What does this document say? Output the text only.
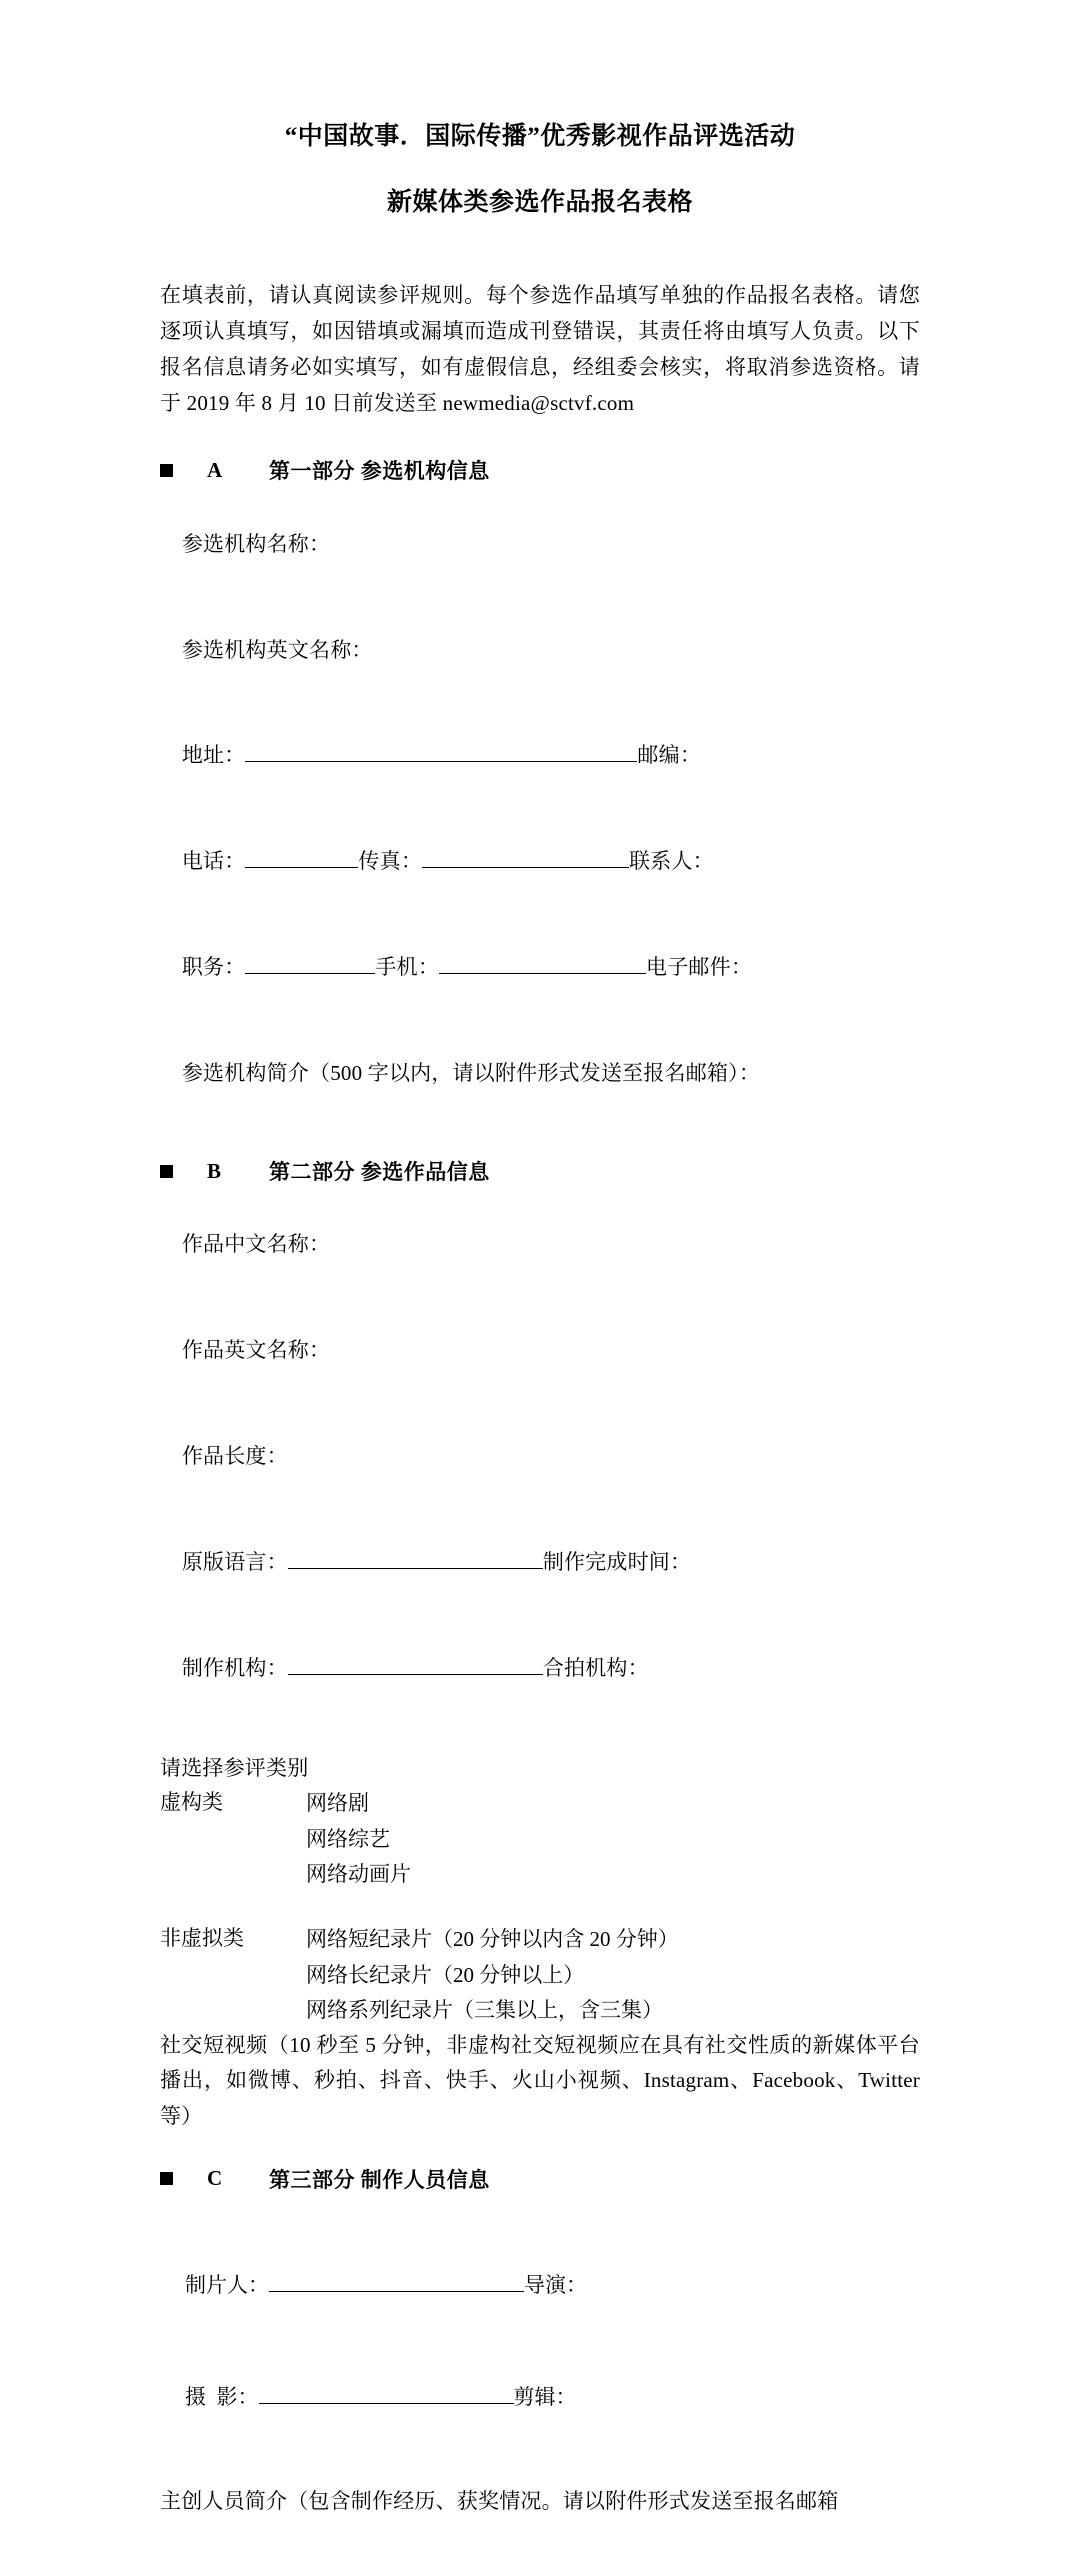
“中国故事．国际传播”优秀影视作品评选活动
新媒体类参选作品报名表格

在填表前，请认真阅读参评规则。每个参选作品填写单独的作品报名表格。请您逐项认真填写，如因错填或漏填而造成刊登错误，其责任将由填写人负责。以下报名信息请务必如实填写，如有虚假信息，经组委会核实，将取消参选资格。请于 2019 年 8 月 10 日前发送至 newmedia@sctvf.com

A	第一部分 参选机构信息

参选机构名称：

参选机构英文名称：

地址：	邮编：

电话：	传真：	联系人：

职务：	手机：	电子邮件：

参选机构简介（500 字以内，请以附件形式发送至报名邮箱）：

B	第二部分 参选作品信息

作品中文名称：

作品英文名称：

作品长度：

原版语言：	制作完成时间：

制作机构：	合拍机构：

请选择参评类别

虚构类	网络剧
网络综艺
网络动画片
非虚拟类	网络短纪录片（20 分钟以内含 20 分钟）
网络长纪录片（20 分钟以上）
网络系列纪录片（三集以上，含三集）

社交短视频（10 秒至 5 分钟，非虚构社交短视频应在具有社交性质的新媒体平台播出，如微博、秒拍、抖音、快手、火山小视频、Instagram、Facebook、Twitter 等）

C	第三部分 制作人员信息

制片人：	导演：

摄  影：	剪辑：

主创人员简介（包含制作经历、获奖情况。请以附件形式发送至报名邮箱
